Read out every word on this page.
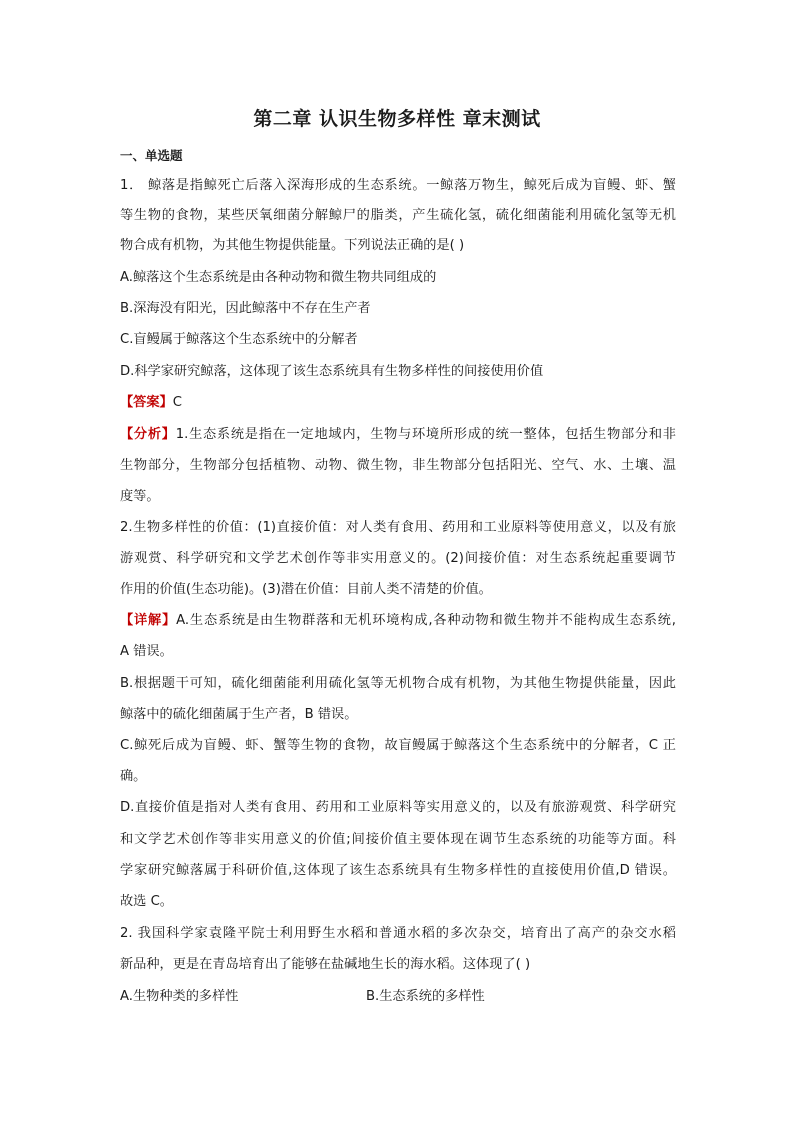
第二章 认识生物多样性 章末测试
一、单选题
1． 鲸落是指鲸死亡后落入深海形成的生态系统。一鲸落万物生，鲸死后成为盲鳗、虾、蟹
等生物的食物，某些厌氧细菌分解鲸尸的脂类，产生硫化氢，硫化细菌能利用硫化氢等无机
物合成有机物，为其他生物提供能量。下列说法正确的是( )
A.鲸落这个生态系统是由各种动物和微生物共同组成的
B.深海没有阳光，因此鲸落中不存在生产者
C.盲鳗属于鲸落这个生态系统中的分解者
D.科学家研究鲸落，这体现了该生态系统具有生物多样性的间接使用价值
【答案】C
【分析】1.生态系统是指在一定地域内，生物与环境所形成的统一整体，包括生物部分和非
生物部分，生物部分包括植物、动物、微生物，非生物部分包括阳光、空气、水、土壤、温
度等。
2.生物多样性的价值：(1)直接价值：对人类有食用、药用和工业原料等使用意义，以及有旅
游观赏、科学研究和文学艺术创作等非实用意义的。(2)间接价值：对生态系统起重要调节
作用的价值(生态功能)。(3)潜在价值：目前人类不清楚的价值。
【详解】A.生态系统是由生物群落和无机环境构成,各种动物和微生物并不能构成生态系统,
A 错误。
B.根据题干可知，硫化细菌能利用硫化氢等无机物合成有机物，为其他生物提供能量，因此
鲸落中的硫化细菌属于生产者，B 错误。
C.鲸死后成为盲鳗、虾、蟹等生物的食物，故盲鳗属于鲸落这个生态系统中的分解者，C 正
确。
D.直接价值是指对人类有食用、药用和工业原料等实用意义的，以及有旅游观赏、科学研究
和文学艺术创作等非实用意义的价值;间接价值主要体现在调节生态系统的功能等方面。科
学家研究鲸落属于科研价值,这体现了该生态系统具有生物多样性的直接使用价值,D 错误。
故选 C。
2. 我国科学家袁隆平院士利用野生水稻和普通水稻的多次杂交，培育出了高产的杂交水稻
新品种，更是在青岛培育出了能够在盐碱地生长的海水稻。这体现了( )
A.生物种类的多样性	B.生态系统的多样性
